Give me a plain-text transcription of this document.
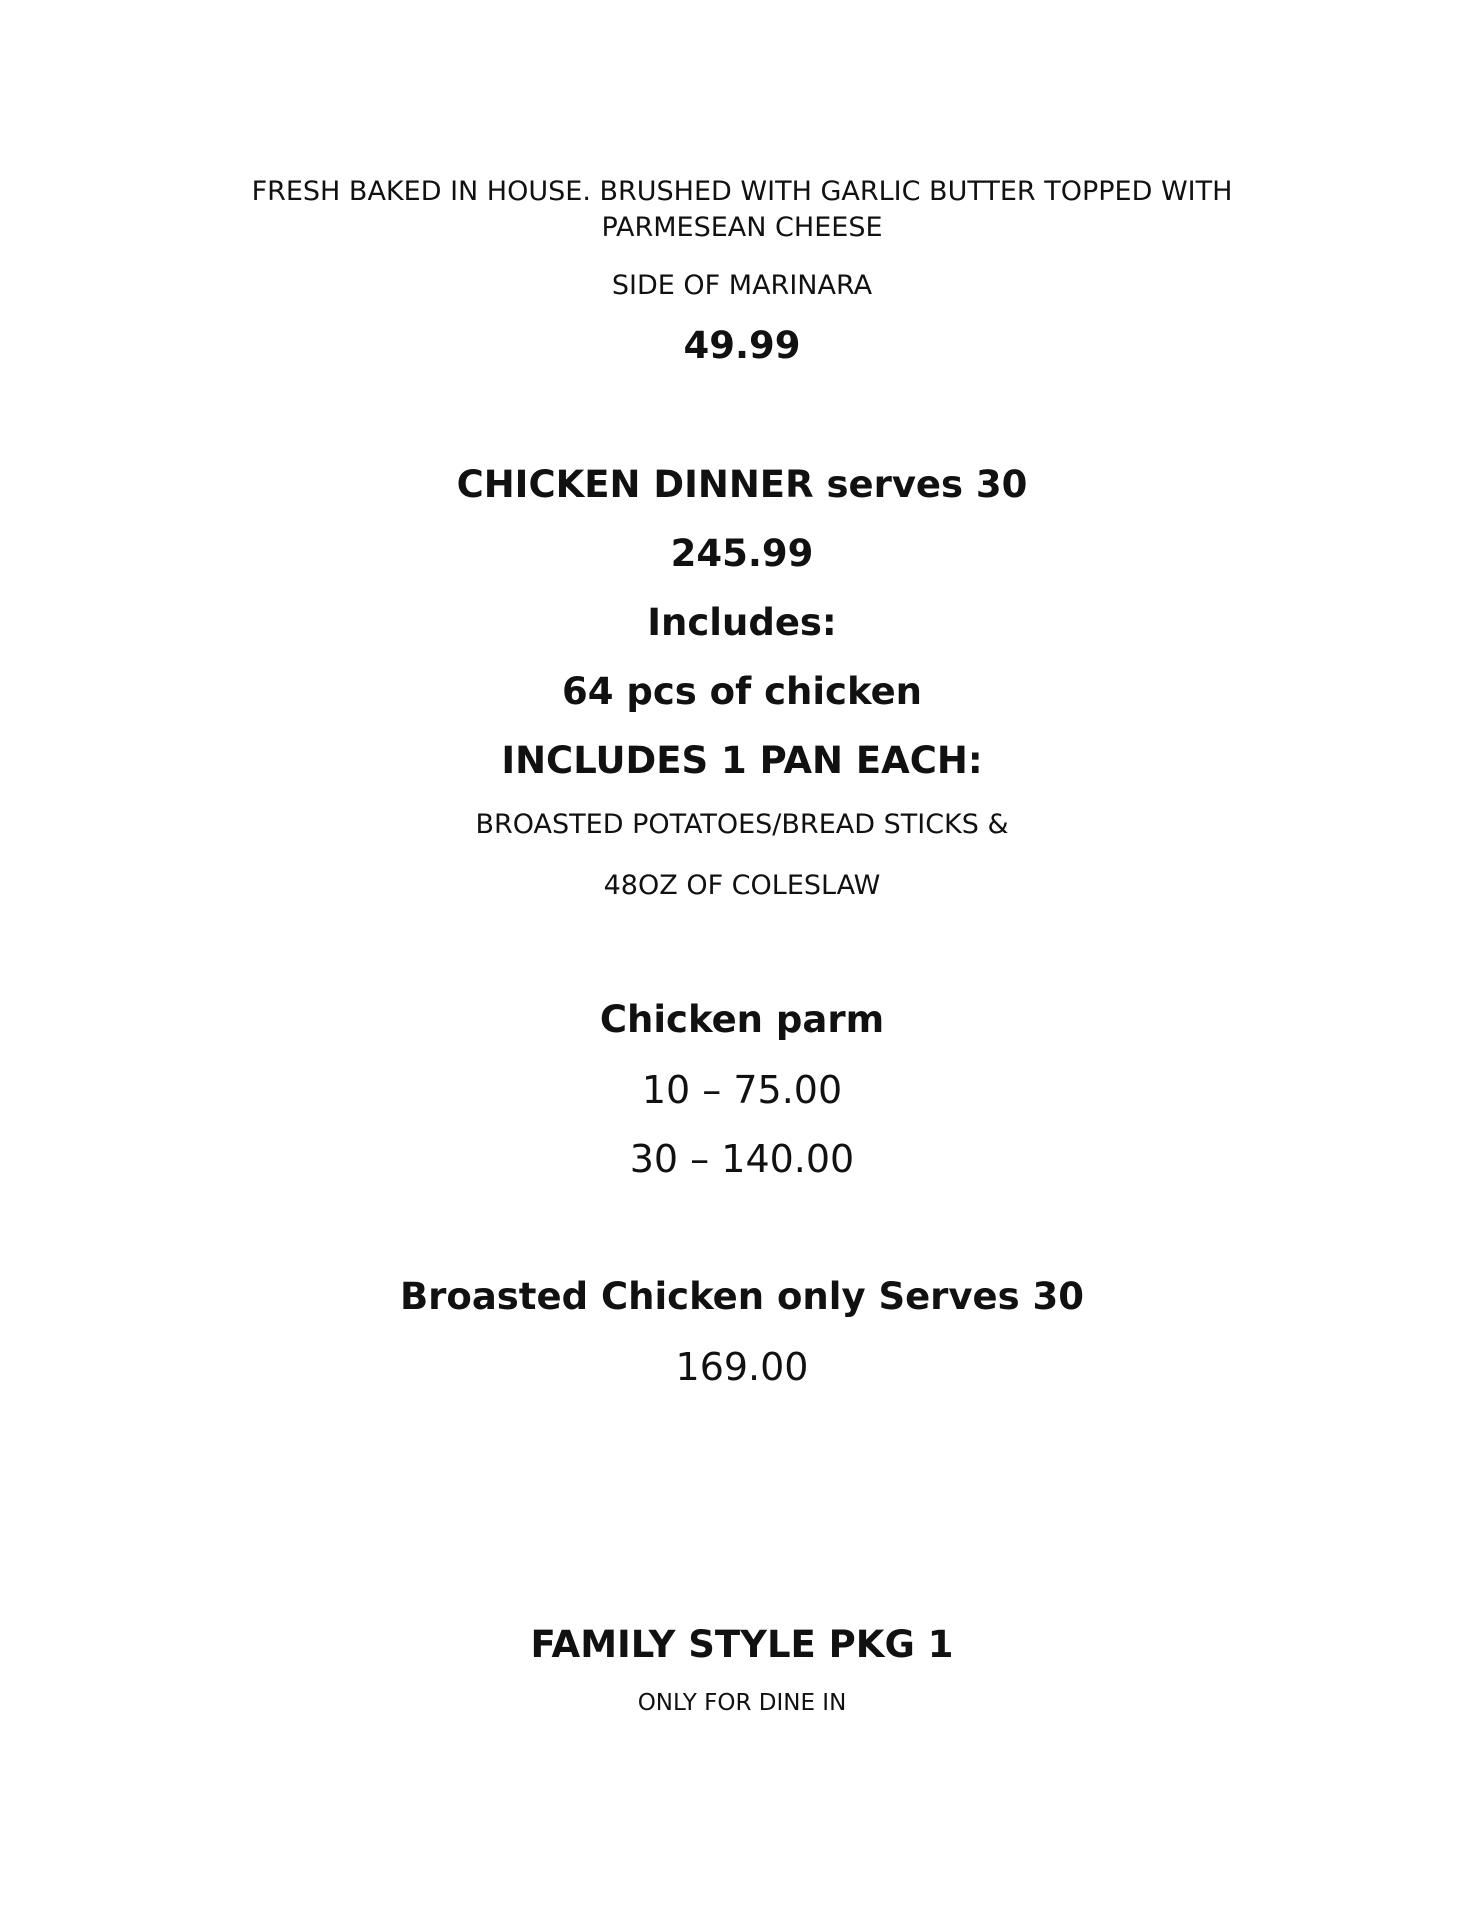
FRESH BAKED IN HOUSE. BRUSHED WITH GARLIC BUTTER TOPPED WITH PARMESEAN CHEESE
SIDE OF MARINARA
49.99
CHICKEN DINNER serves 30
245.99
Includes:
64 pcs of chicken
INCLUDES 1 PAN EACH:
BROASTED POTATOES/BREAD STICKS &
48OZ OF COLESLAW
Chicken parm
10 – 75.00
30 – 140.00
Broasted Chicken only Serves 30
169.00
FAMILY STYLE PKG 1
ONLY FOR DINE IN
